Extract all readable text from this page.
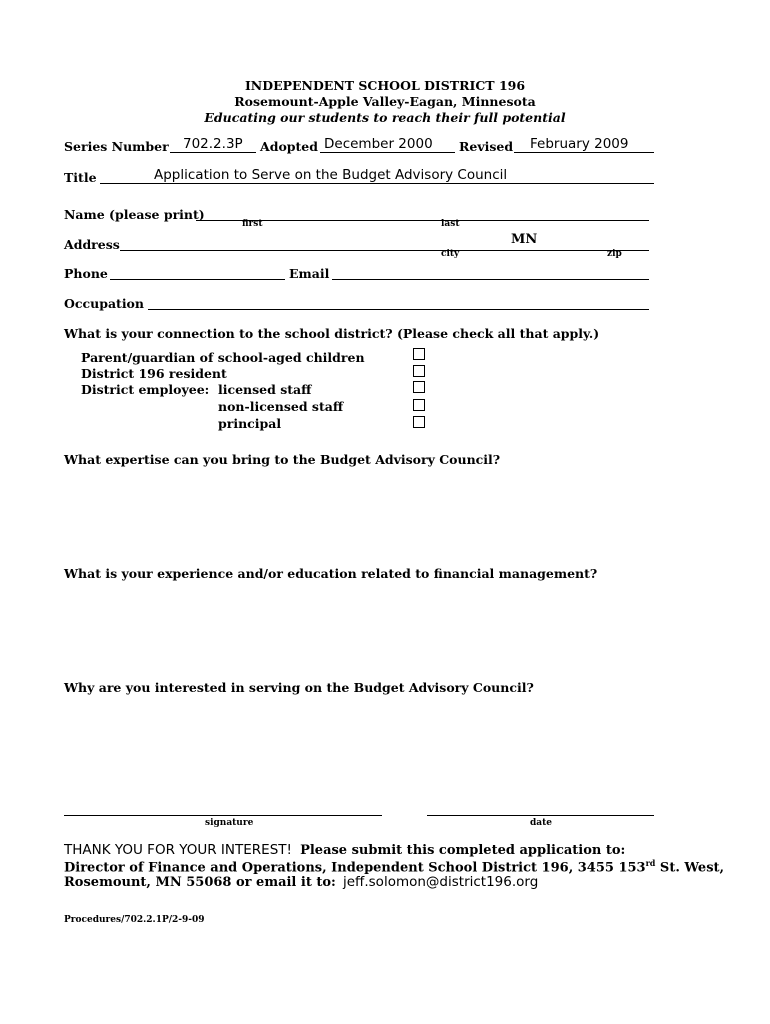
INDEPENDENT SCHOOL DISTRICT 196
Rosemount-Apple Valley-Eagan, Minnesota
Educating our students to reach their full potential
Series Number 702.2.3P Adopted December 2000 Revised February 2009
Title	Application to Serve on the Budget Advisory Council
Name (please print)
first	last
Address	MN
city	zip
Phone	Email
Occupation
What is your connection to the school district? (Please check all that apply.)
Parent/guardian of school-aged children
District 196 resident
District employee: licensed staff
non-licensed staff
principal
What expertise can you bring to the Budget Advisory Council?
What is your experience and/or education related to financial management?
Why are you interested in serving on the Budget Advisory Council?
signature	date
THANK YOU FOR YOUR INTEREST! Please submit this completed application to:
Director of Finance and Operations, Independent School District 196, 3455 153rd St. West,
Rosemount, MN 55068 or email it to: jeff.solomon@district196.org
Procedures/702.2.1P/2-9-09
